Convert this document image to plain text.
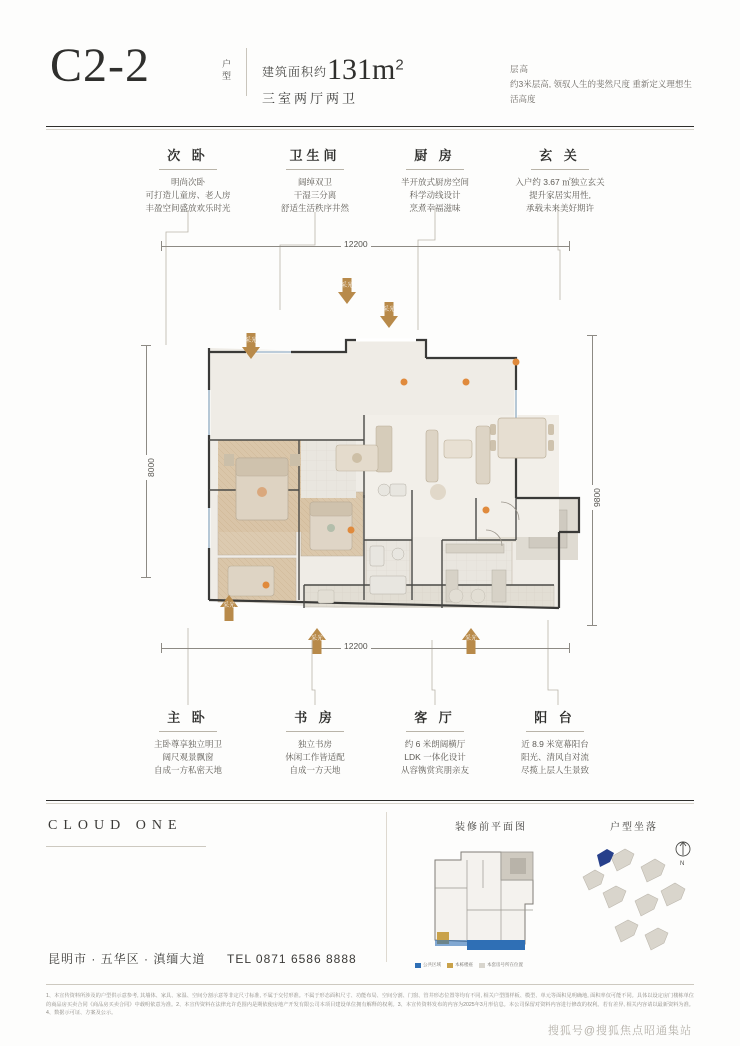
C2-2	户型	建筑面积约131m2
三室两厅两卫
层高
约3米层高, 领驭人生的斐然尺度 重新定义理想生活高度
次 卧
明尚次卧
可打造儿童房、老人房
丰盈空间盛放欢乐时光
卫生间
阔绰双卫
干湿三分离
舒适生活秩序井然
厨 房
半开放式厨房空间
科学动线设计
烹煮幸福滋味
玄 关
入户约 3.67 ㎡独立玄关
提升家居实用性,
承载未来美好期许
12200
12200
8000
9800
采光
采光
采光
采光
采光	采光
主 卧
主卧尊享独立明卫
阔尺观景飘窗
自成一方私密天地
书 房
独立书房
休闲工作皆适配
自成一方天地
客 厅
约 6 米朗阔横厅
LDK 一体化设计
从容镌赏宾朋亲友
阳 台
近 8.9 米宽幕阳台
阳光、清风自对流
尽揽上层人生景致
CLOUD ONE
昆明市 · 五华区 · 滇缅大道 TEL 0871 6586 8888
装修前平面图	户型坐落
公共区域	本栋楼座	本套房号所在位置
N
1、本宣传资料所涉及的户型供示意参考, 其墙体、家具、家温、空间分割示意等非定尺寸标准, 不属于交付形准。不属于形态面积尺寸、功能布局、空间分割、门窗、管井形态位置等均有不同, 相关户型图样板、模型、单元等面积见明确地, 面积率仅可能不同。具体以设定房门楼栋单位的商品房买卖合同《商品房买卖合同》中载明依意为准。2、本宣传资料在法律允许范围内是期依使房地产开发有限公司本项目建设单位拥有解释的权利。3、本宣传资料发布的内容为2025年3月形信息。本公司保留对资料内容进行修改的权利。若有差异, 相关内容请以最新资料为准。4、数据示可证、方案及公示。
搜狐号@搜狐焦点昭通集站
